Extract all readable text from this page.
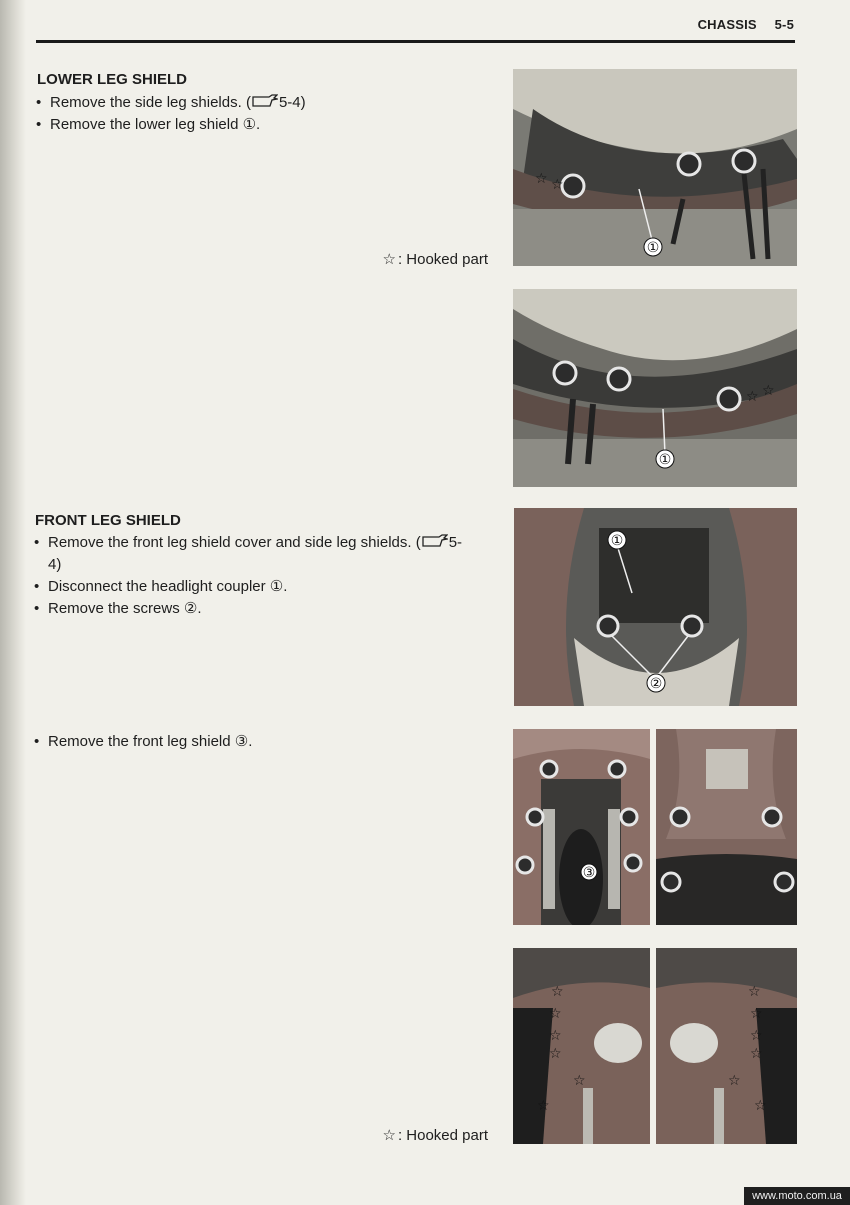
CHASSIS 5-5
LOWER LEG SHIELD
• Remove the side leg shields. ( 5-4)
• Remove the lower leg shield ①.
☆ : Hooked part
①
☆ ☆
①
☆ ☆
FRONT LEG SHIELD
• Remove the front leg shield cover and side leg shields. ( 5-
4)
• Disconnect the headlight coupler ①.
• Remove the screws ②.
①
②
• Remove the front leg shield ③.
③
☆
☆
☆
☆
☆
☆
☆
☆
☆
☆
☆
☆
☆ : Hooked part
www.moto.com.ua
